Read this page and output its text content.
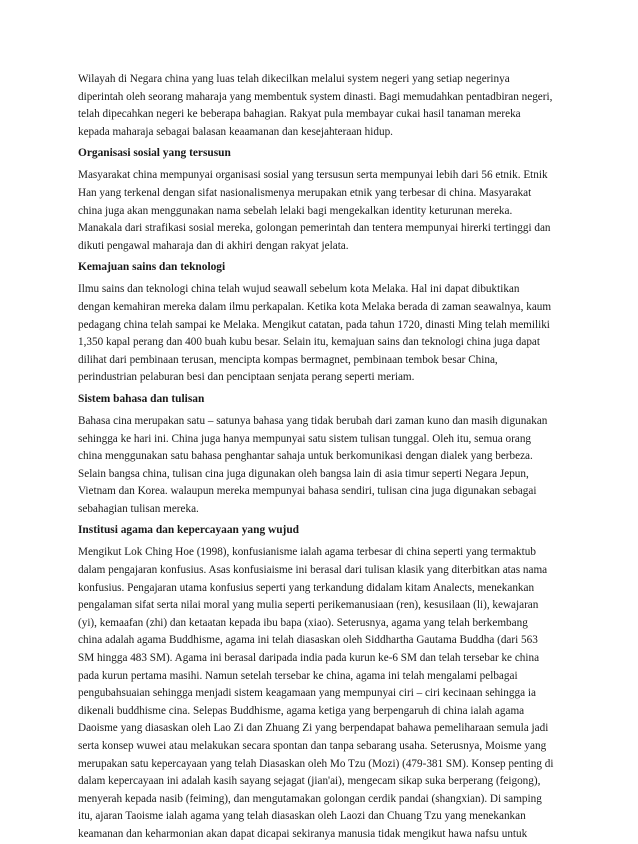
Wilayah di Negara china yang luas telah dikecilkan melalui system negeri yang setiap negerinya

diperintah oleh seorang maharaja yang membentuk system dinasti. Bagi memudahkan pentadbiran negeri,

telah dipecahkan negeri ke beberapa bahagian. Rakyat pula membayar cukai hasil tanaman mereka

kepada maharaja sebagai balasan keaamanan dan kesejahteraan hidup.

Organisasi sosial yang tersusun

Masyarakat china mempunyai organisasi sosial yang tersusun serta mempunyai lebih dari 56 etnik. Etnik

Han yang terkenal dengan sifat nasionalismenya merupakan etnik yang terbesar di china. Masyarakat

china juga akan menggunakan nama sebelah lelaki bagi mengekalkan identity keturunan mereka.

Manakala dari strafikasi sosial mereka, golongan pemerintah dan tentera mempunyai hirerki tertinggi dan

dikuti pengawal maharaja dan di akhiri dengan rakyat jelata.

Kemajuan sains dan teknologi

Ilmu sains dan teknologi china telah wujud seawall sebelum kota Melaka. Hal ini dapat dibuktikan

dengan kemahiran mereka dalam ilmu perkapalan. Ketika kota Melaka berada di zaman seawalnya, kaum

pedagang china telah sampai ke Melaka. Mengikut catatan, pada tahun 1720, dinasti Ming telah memiliki

1,350 kapal perang dan 400 buah kubu besar. Selain itu, kemajuan sains dan teknologi china juga dapat

dilihat dari pembinaan terusan, mencipta kompas bermagnet, pembinaan tembok besar China,

perindustrian pelaburan besi dan penciptaan senjata perang seperti meriam.

Sistem bahasa dan tulisan

Bahasa cina merupakan satu – satunya bahasa yang tidak berubah dari zaman kuno dan masih digunakan

sehingga ke hari ini. China juga hanya mempunyai satu sistem tulisan tunggal. Oleh itu, semua orang

china menggunakan satu bahasa penghantar sahaja untuk berkomunikasi dengan dialek yang berbeza.

Selain bangsa china, tulisan cina juga digunakan oleh bangsa lain di asia timur seperti Negara Jepun,

Vietnam dan Korea. walaupun mereka mempunyai bahasa sendiri, tulisan cina juga digunakan sebagai

sebahagian tulisan mereka.

Institusi agama dan kepercayaan yang wujud

Mengikut Lok Ching Hoe (1998), konfusianisme ialah agama terbesar di china seperti yang termaktub

dalam pengajaran konfusius. Asas konfusiaisme ini berasal dari tulisan klasik yang diterbitkan atas nama

konfusius. Pengajaran utama konfusius seperti yang terkandung didalam kitam Analects, menekankan

pengalaman sifat serta nilai moral yang mulia seperti perikemanusiaan (ren), kesusilaan (li), kewajaran

(yi), kemaafan (zhi) dan ketaatan kepada ibu bapa (xiao). Seterusnya, agama yang telah berkembang

china adalah agama Buddhisme, agama ini telah diasaskan oleh Siddhartha Gautama Buddha (dari 563

SM hingga 483 SM). Agama ini berasal daripada india pada kurun ke-6 SM dan telah tersebar ke china

pada kurun pertama masihi. Namun setelah tersebar ke china, agama ini telah mengalami pelbagai

pengubahsuaian sehingga menjadi sistem keagamaan yang mempunyai ciri – ciri kecinaan sehingga ia

dikenali buddhisme cina. Selepas Buddhisme, agama ketiga yang berpengaruh di china ialah agama

Daoisme yang diasaskan oleh Lao Zi dan Zhuang Zi yang berpendapat bahawa pemeliharaan semula jadi

serta konsep wuwei atau melakukan secara spontan dan tanpa sebarang usaha. Seterusnya, Moisme yang

merupakan satu kepercayaan yang telah Diasaskan oleh Mo Tzu (Mozi) (479-381 SM). Konsep penting di

dalam kepercayaan ini adalah kasih sayang sejagat (jian'ai), mengecam sikap suka berperang (feigong),

menyerah kepada nasib (feiming), dan mengutamakan golongan cerdik pandai (shangxian). Di samping

itu, ajaran Taoisme ialah agama yang telah diasaskan oleh Laozi dan Chuang Tzu yang menekankan

keamanan dan keharmonian akan dapat dicapai sekiranya manusia tidak mengikut hawa nafsu untuk
